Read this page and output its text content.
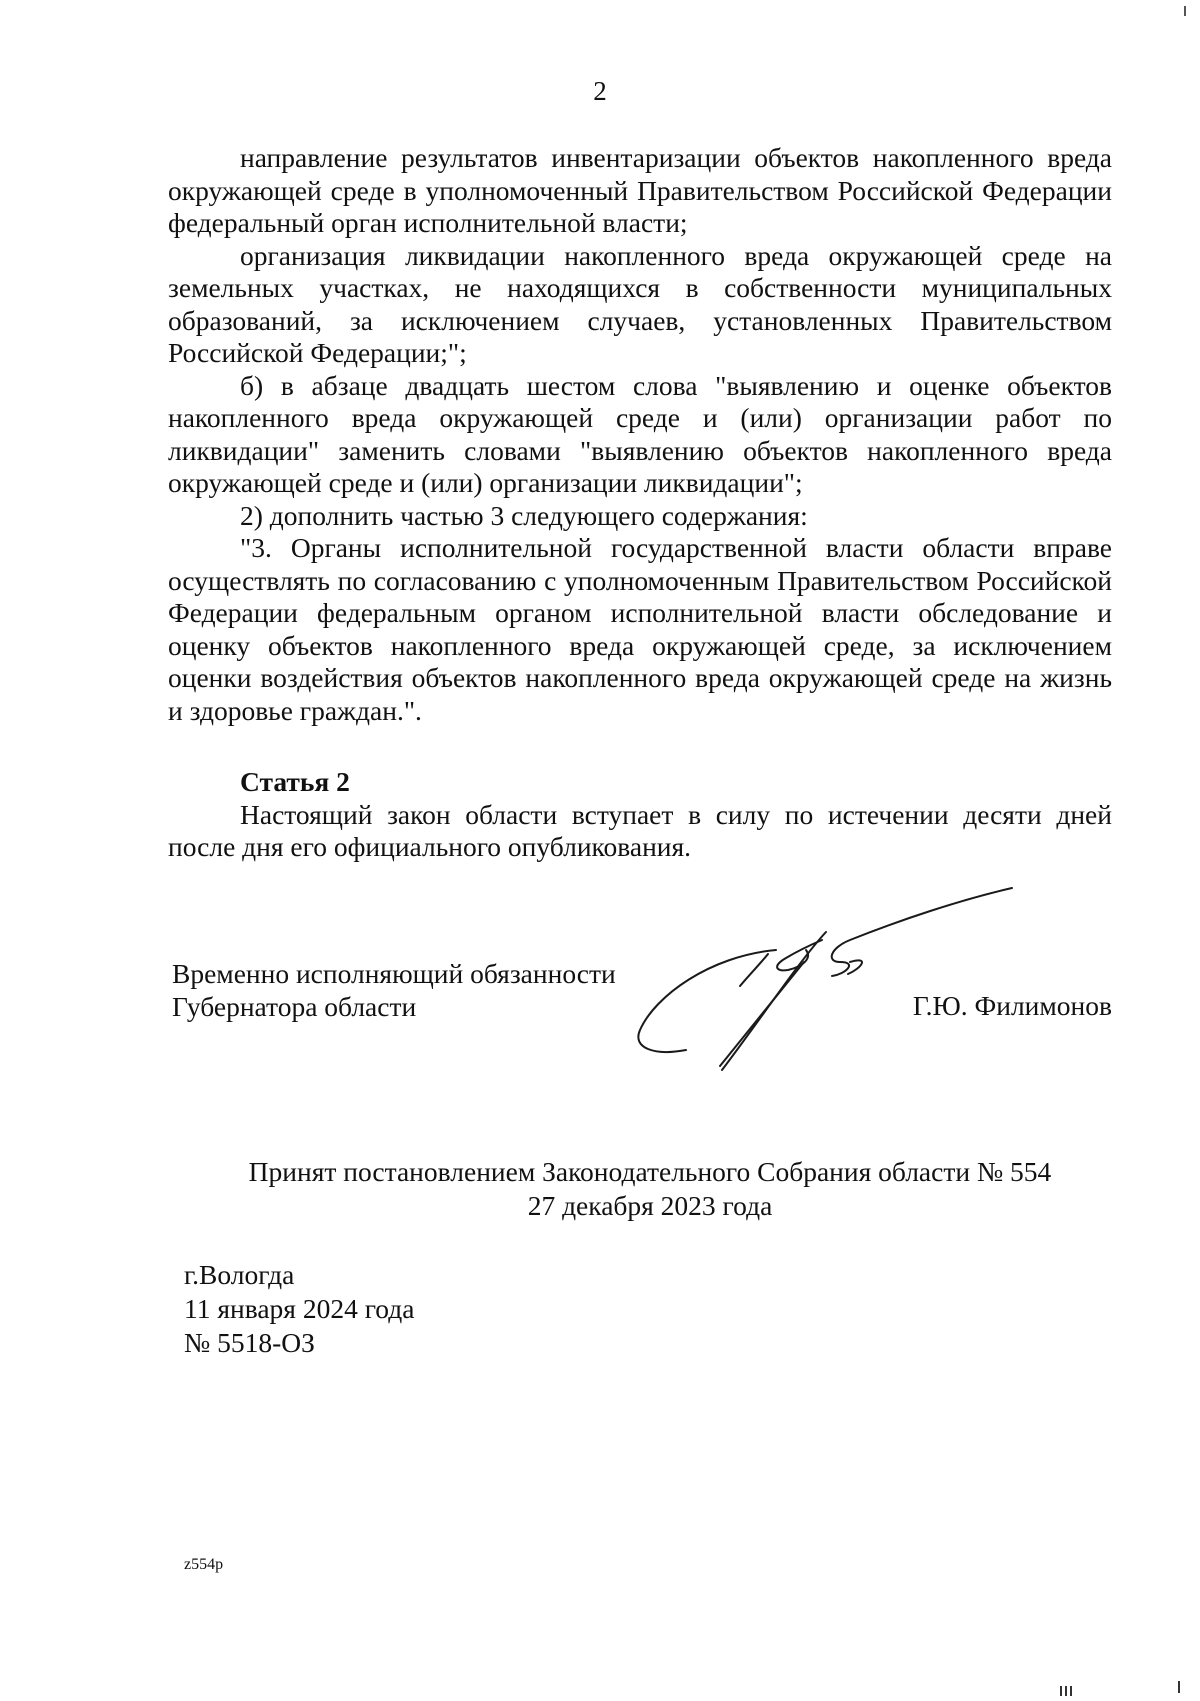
2

направление результатов инвентаризации объектов накопленного вреда окружающей среде в уполномоченный Правительством Российской Федерации федеральный орган исполнительной власти;

организация ликвидации накопленного вреда окружающей среде на земельных участках, не находящихся в собственности муниципальных образований, за исключением случаев, установленных Правительством Российской Федерации;";

б) в абзаце двадцать шестом слова "выявлению и оценке объектов накопленного вреда окружающей среде и (или) организации работ по ликвидации" заменить словами "выявлению объектов накопленного вреда окружающей среде и (или) организации ликвидации";

2) дополнить частью 3 следующего содержания:

"3. Органы исполнительной государственной власти области вправе осуществлять по согласованию с уполномоченным Правительством Российской Федерации федеральным органом исполнительной власти обследование и оценку объектов накопленного вреда окружающей среде, за исключением оценки воздействия объектов накопленного вреда окружающей среде на жизнь и здоровье граждан.".

Статья 2

Настоящий закон области вступает в силу по истечении десяти дней после дня его официального опубликования.

Временно исполняющий обязанности
Губернатора области	Г.Ю. Филимонов
Принят постановлением Законодательного Собрания области № 554
27 декабря 2023 года
г.Вологда
11 января 2024 года
№ 5518-ОЗ
z554p
